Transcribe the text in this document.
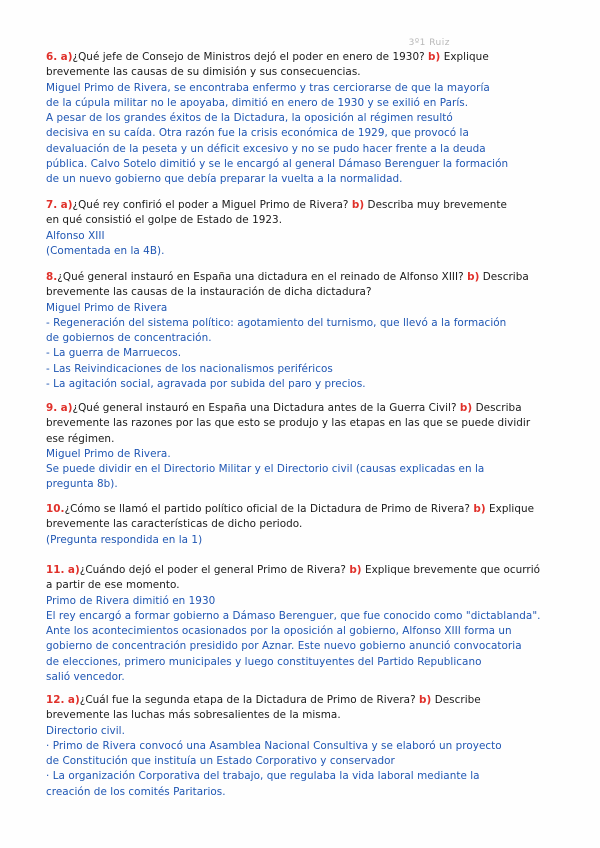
3º1 Ruiz
6. a)¿Qué jefe de Consejo de Ministros dejó el poder en enero de 1930? b) Explique
brevemente las causas de su dimisión y sus consecuencias.
Miguel Primo de Rivera, se encontraba enfermo y tras cerciorarse de que la mayoría
de la cúpula militar no le apoyaba, dimitió en enero de 1930 y se exilió en París.
A pesar de los grandes éxitos de la Dictadura, la oposición al régimen resultó
decisiva en su caída. Otra razón fue la crisis económica de 1929, que provocó la
devaluación de la peseta y un déficit excesivo y no se pudo hacer frente a la deuda
pública. Calvo Sotelo dimitió y se le encargó al general Dámaso Berenguer la formación
de un nuevo gobierno que debía preparar la vuelta a la normalidad.
7. a)¿Qué rey confirió el poder a Miguel Primo de Rivera? b) Describa muy brevemente
en qué consistió el golpe de Estado de 1923.
Alfonso XIII
(Comentada en la 4B).
8.¿Qué general instauró en España una dictadura en el reinado de Alfonso XIII? b) Describa
brevemente las causas de la instauración de dicha dictadura?
Miguel Primo de Rivera
- Regeneración del sistema político: agotamiento del turnismo, que llevó a la formación
de gobiernos de concentración.
- La guerra de Marruecos.
- Las Reivindicaciones de los nacionalismos periféricos
- La agitación social, agravada por subida del paro y precios.
9. a)¿Qué general instauró en España una Dictadura antes de la Guerra Civil? b) Describa
brevemente las razones por las que esto se produjo y las etapas en las que se puede dividir
ese régimen.
Miguel Primo de Rivera.
Se puede dividir en el Directorio Militar y el Directorio civil (causas explicadas en la
pregunta 8b).
10.¿Cómo se llamó el partido político oficial de la Dictadura de Primo de Rivera? b) Explique
brevemente las características de dicho periodo.
(Pregunta respondida en la 1)
11. a)¿Cuándo dejó el poder el general Primo de Rivera? b) Explique brevemente que ocurrió
a partir de ese momento.
Primo de Rivera dimitió en 1930
El rey encargó a formar gobierno a Dámaso Berenguer, que fue conocido como "dictablanda".
Ante los acontecimientos ocasionados por la oposición al gobierno, Alfonso XIII forma un
gobierno de concentración presidido por Aznar. Este nuevo gobierno anunció convocatoria
de elecciones, primero municipales y luego constituyentes del Partido Republicano
salió vencedor.
12. a)¿Cuál fue la segunda etapa de la Dictadura de Primo de Rivera? b) Describe
brevemente las luchas más sobresalientes de la misma.
Directorio civil.
· Primo de Rivera convocó una Asamblea Nacional Consultiva y se elaboró un proyecto
de Constitución que instituía un Estado Corporativo y conservador
· La organización Corporativa del trabajo, que regulaba la vida laboral mediante la
creación de los comités Paritarios.
